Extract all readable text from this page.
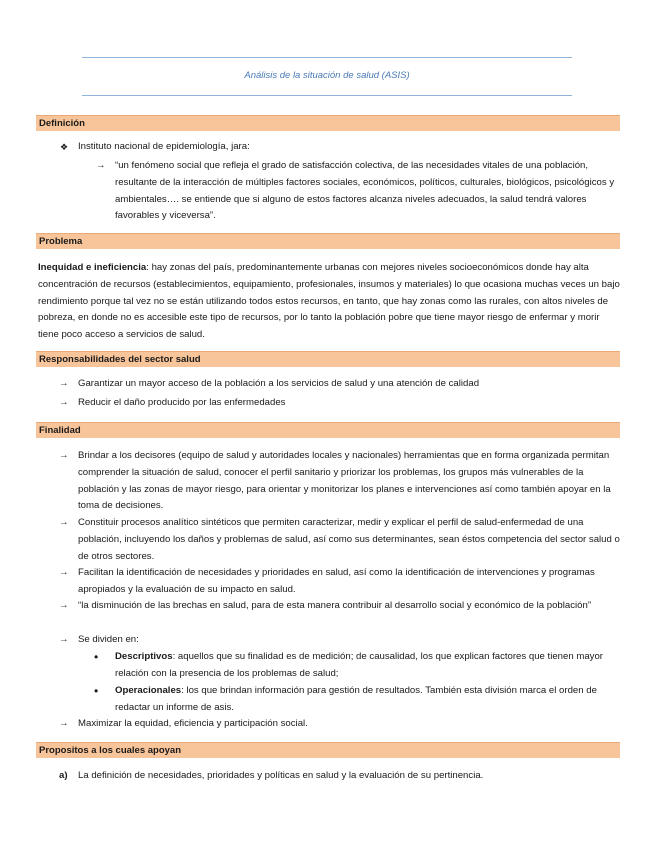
Análisis de la situación de salud (ASIS)
Definición
❖ Instituto nacional de epidemiología, jara:

→ “un fenómeno social que refleja el grado de satisfacción colectiva, de las necesidades vitales de una población, resultante de la interacción de múltiples factores sociales, económicos, políticos, culturales, biológicos, psicológicos y ambientales…. se entiende que si alguno de estos factores alcanza niveles adecuados, la salud tendrá valores favorables y viceversa”.

Problema

Inequidad e ineficiencia: hay zonas del país, predominantemente urbanas con mejores niveles socioeconómicos donde hay alta concentración de recursos (establecimientos, equipamiento, profesionales, insumos y materiales) lo que ocasiona muchas veces un bajo rendimiento porque tal vez no se están utilizando todos estos recursos, en tanto, que hay zonas como las rurales, con altos niveles de pobreza, en donde no es accesible este tipo de recursos, por lo tanto la población pobre que tiene mayor riesgo de enfermar y morir tiene poco acceso a servicios de salud.

Responsabilidades del sector salud
→ Garantizar un mayor acceso de la población a los servicios de salud y una atención de calidad

→ Reducir el daño producido por las enfermedades

Finalidad
→ Brindar a los decisores (equipo de salud y autoridades locales y nacionales) herramientas que en forma organizada permitan comprender la situación de salud, conocer el perfil sanitario y priorizar los problemas, los grupos más vulnerables de la población y las zonas de mayor riesgo, para orientar y monitorizar los planes e intervenciones así como también apoyar en la toma de decisiones.

→ Constituir procesos analítico sintéticos que permiten caracterizar, medir y explicar el perfil de salud-enfermedad de una población, incluyendo los daños y problemas de salud, así como sus determinantes, sean éstos competencia del sector salud o de otros sectores.

→ Facilitan la identificación de necesidades y prioridades en salud, así como la identificación de intervenciones y programas apropiados y la evaluación de su impacto en salud.

→ “la disminución de las brechas en salud, para de esta manera contribuir al desarrollo social y económico de la población”

→ Se dividen en:

• Descriptivos: aquellos que su finalidad es de medición; de causalidad, los que explican factores que tienen mayor relación con la presencia de los problemas de salud;

• Operacionales: los que brindan información para gestión de resultados. También esta división marca el orden de redactar un informe de asis.

→ Maximizar la equidad, eficiencia y participación social.

Propositos a los cuales apoyan
a) La definición de necesidades, prioridades y políticas en salud y la evaluación de su pertinencia.
